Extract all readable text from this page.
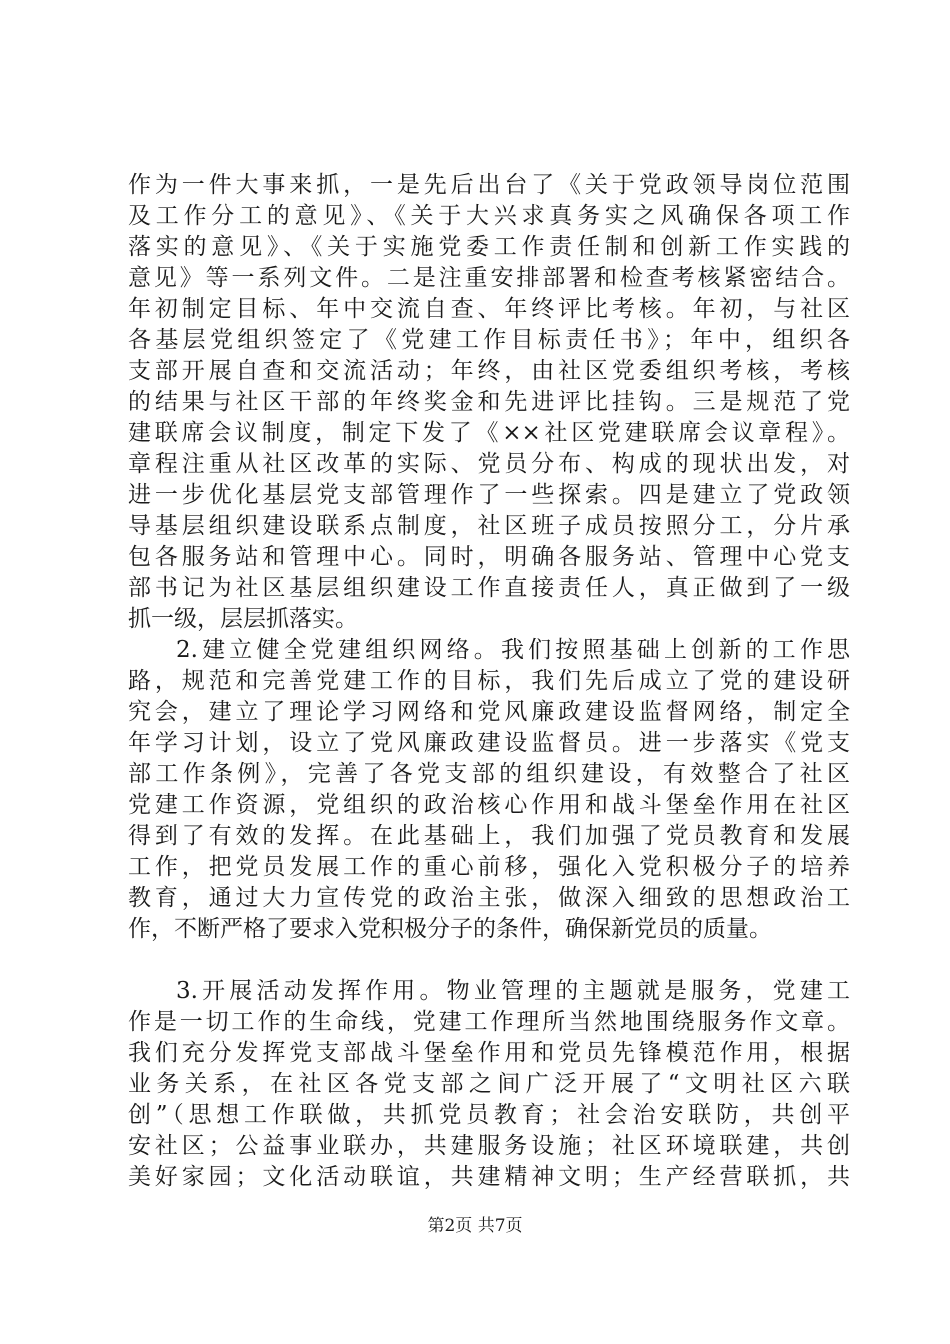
作为一件大事来抓，一是先后出台了《关于党政领导岗位范围
及工作分工的意见》、《关于大兴求真务实之风确保各项工作
落实的意见》、《关于实施党委工作责任制和创新工作实践的
意见》等一系列文件。二是注重安排部署和检查考核紧密结合。
年初制定目标、年中交流自查、年终评比考核。年初，与社区
各基层党组织签定了《党建工作目标责任书》；年中，组织各
支部开展自查和交流活动；年终，由社区党委组织考核，考核
的结果与社区干部的年终奖金和先进评比挂钩。三是规范了党
建联席会议制度，制定下发了《××社区党建联席会议章程》。
章程注重从社区改革的实际、党员分布、构成的现状出发，对
进一步优化基层党支部管理作了一些探索。四是建立了党政领
导基层组织建设联系点制度，社区班子成员按照分工，分片承
包各服务站和管理中心。同时，明确各服务站、管理中心党支
部书记为社区基层组织建设工作直接责任人，真正做到了一级
抓一级，层层抓落实。
2.建立健全党建组织网络。我们按照基础上创新的工作思
路，规范和完善党建工作的目标，我们先后成立了党的建设研
究会，建立了理论学习网络和党风廉政建设监督网络，制定全
年学习计划，设立了党风廉政建设监督员。进一步落实《党支
部工作条例》，完善了各党支部的组织建设，有效整合了社区
党建工作资源，党组织的政治核心作用和战斗堡垒作用在社区
得到了有效的发挥。在此基础上，我们加强了党员教育和发展
工作，把党员发展工作的重心前移，强化入党积极分子的培养
教育，通过大力宣传党的政治主张，做深入细致的思想政治工
作，不断严格了要求入党积极分子的条件，确保新党员的质量。
3.开展活动发挥作用。物业管理的主题就是服务，党建工
作是一切工作的生命线，党建工作理所当然地围绕服务作文章。
我们充分发挥党支部战斗堡垒作用和党员先锋模范作用，根据
业务关系，在社区各党支部之间广泛开展了“文明社区六联
创”（思想工作联做，共抓党员教育；社会治安联防，共创平
安社区；公益事业联办，共建服务设施；社区环境联建，共创
美好家园；文化活动联谊，共建精神文明；生产经营联抓，共
第2页 共7页
